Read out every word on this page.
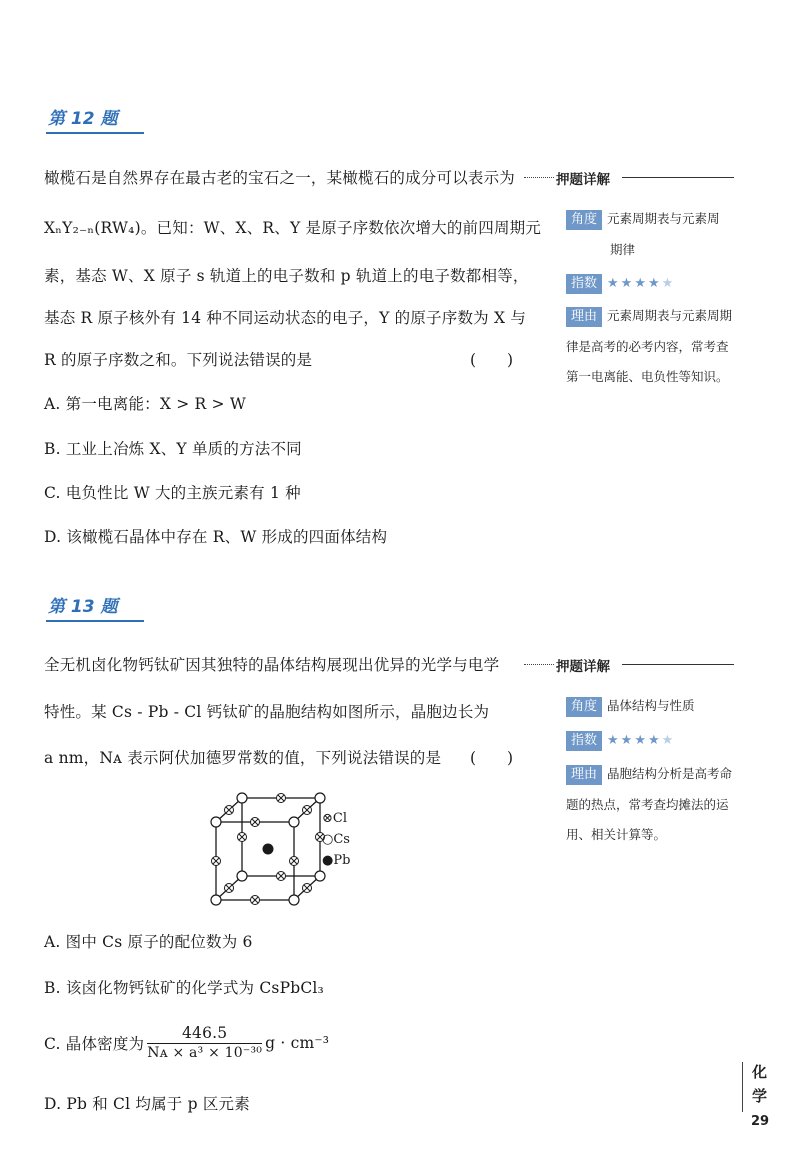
第 12 题
橄榄石是自然界存在最古老的宝石之一，某橄榄石的成分可以表示为	押题详解
XₙY₂₋ₙ(RW₄)。已知：W、X、R、Y 是原子序数依次增大的前四周期元
素，基态 W、X 原子 s 轨道上的电子数和 p 轨道上的电子数都相等，
基态 R 原子核外有 14 种不同运动状态的电子，Y 的原子序数为 X 与
R 的原子序数之和。下列说法错误的是	(　　)
A. 第一电离能：X > R > W
B. 工业上冶炼 X、Y 单质的方法不同
C. 电负性比 W 大的主族元素有 1 种
D. 该橄榄石晶体中存在 R、W 形成的四面体结构
角度 元素周期表与元素周
期律
指数 ★★★★★
理由 元素周期表与元素周期
律是高考的必考内容，常考查
第一电离能、电负性等知识。
第 13 题
全无机卤化物钙钛矿因其独特的晶体结构展现出优异的光学与电学	押题详解
特性。某 Cs - Pb - Cl 钙钛矿的晶胞结构如图所示，晶胞边长为
a nm，Nᴀ 表示阿伏加德罗常数的值，下列说法错误的是 (　　)
⊗Cl
○Cs
●Pb
A. 图中 Cs 原子的配位数为 6
B. 该卤化物钙钛矿的化学式为 CsPbCl₃
C. 晶体密度为 $\frac{446.5}{\text{Nᴀ × a³ × 10⁻³⁰}}$ g · cm⁻³
D. Pb 和 Cl 均属于 p 区元素
角度 晶体结构与性质
指数 ★★★★★
理由 晶胞结构分析是高考命
题的热点，常考查均摊法的运
用、相关计算等。
化
学
29
